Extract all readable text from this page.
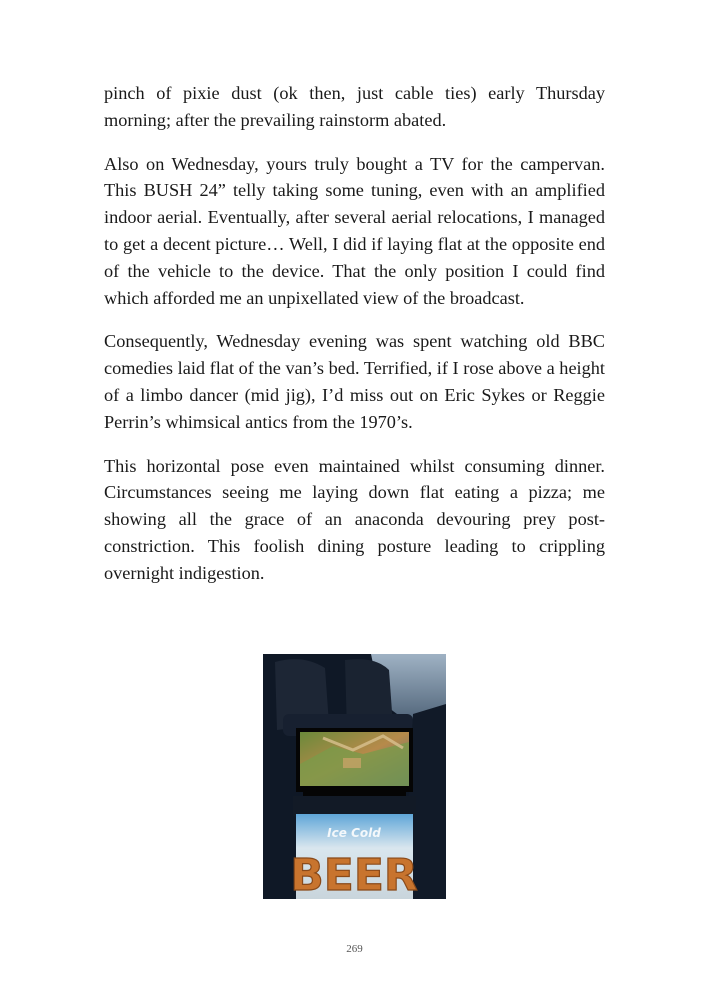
pinch of pixie dust (ok then, just cable ties) early Thursday morning; after the prevailing rainstorm abated.

Also on Wednesday, yours truly bought a TV for the campervan. This BUSH 24” telly taking some tuning, even with an amplified indoor aerial. Eventually, after several aerial relocations, I managed to get a decent picture… Well, I did if laying flat at the opposite end of the vehicle to the device. That the only position I could find which afforded me an unpixellated view of the broadcast.

Consequently, Wednesday evening was spent watching old BBC comedies laid flat of the van’s bed. Terrified, if I rose above a height of a limbo dancer (mid jig), I’d miss out on Eric Sykes or Reggie Perrin’s whimsical antics from the 1970’s.

This horizontal pose even maintained whilst consuming dinner. Circumstances seeing me laying down flat eating a pizza; me showing all the grace of an anaconda devouring prey post-constriction. This foolish dining posture leading to crippling overnight indigestion.

Ice Cold
BEER
269
